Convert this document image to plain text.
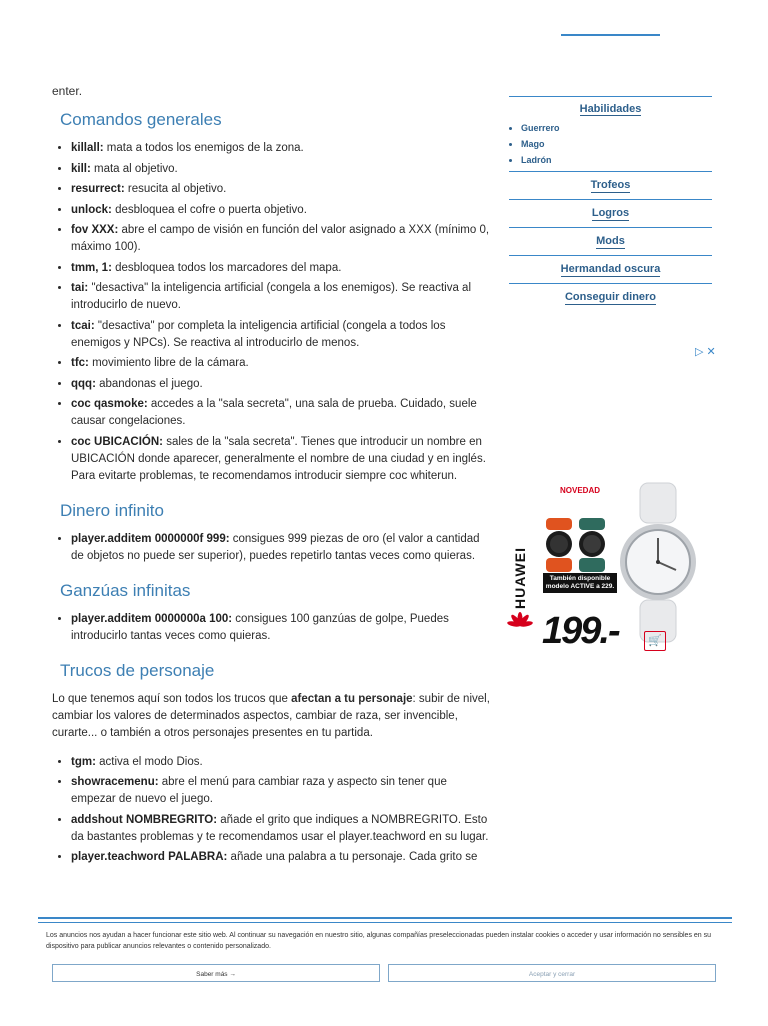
enter.
Comandos generales
• killall: mata a todos los enemigos de la zona.
• kill: mata al objetivo.
• resurrect: resucita al objetivo.
• unlock: desbloquea el cofre o puerta objetivo.
• fov XXX: abre el campo de visión en función del valor asignado a XXX (mínimo 0, máximo 100).
• tmm, 1: desbloquea todos los marcadores del mapa.
• tai: "desactiva" la inteligencia artificial (congela a los enemigos). Se reactiva al introducirlo de nuevo.
• tcai: "desactiva" por completa la inteligencia artificial (congela a todos los enemigos y NPCs). Se reactiva al introducirlo de menos.
• tfc: movimiento libre de la cámara.
• qqq: abandonas el juego.
• coc qasmoke: accedes a la "sala secreta", una sala de prueba. Cuidado, suele causar congelaciones.
• coc UBICACIÓN: sales de la "sala secreta". Tienes que introducir un nombre en UBICACIÓN donde aparecer, generalmente el nombre de una ciudad y en inglés. Para evitarte problemas, te recomendamos introducir siempre coc whiterun.
Dinero infinito
• player.additem 0000000f 999: consigues 999 piezas de oro (el valor a cantidad de objetos no puede ser superior), puedes repetirlo tantas veces como quieras.
Ganzúas infinitas
• player.additem 0000000a 100: consigues 100 ganzúas de golpe, Puedes introducirlo tantas veces como quieras.
Trucos de personaje

Lo que tenemos aquí son todos los trucos que afectan a tu personaje: subir de nivel, cambiar los valores de determinados aspectos, cambiar de raza, ser invencible, curarte... o también a otros personajes presentes en tu partida.

• tgm: activa el modo Dios.
• showracemenu: abre el menú para cambiar raza y aspecto sin tener que empezar de nuevo el juego.
• addshout NOMBREGRITO: añade el grito que indiques a NOMBREGRITO. Esto da bastantes problemas y te recomendamos usar el player.teachword en su lugar.
• player.teachword PALABRA: añade una palabra a tu personaje. Cada grito se
Habilidades
• Guerrero
• Mago
• Ladrón
Trofeos
Logros
Mods
Hermandad oscura
Conseguir dinero
▷ ✕
NOVEDAD
También disponible modelo ACTIVE a 229.
HUAWEI
199.-	🛒
Los anuncios nos ayudan a hacer funcionar este sitio web. Al continuar su navegación en nuestro sitio, algunas compañías preseleccionadas pueden instalar cookies o acceder y usar información no sensibles en su dispositivo para publicar anuncios relevantes o contenido personalizado.
Saber más →	Aceptar y cerrar
